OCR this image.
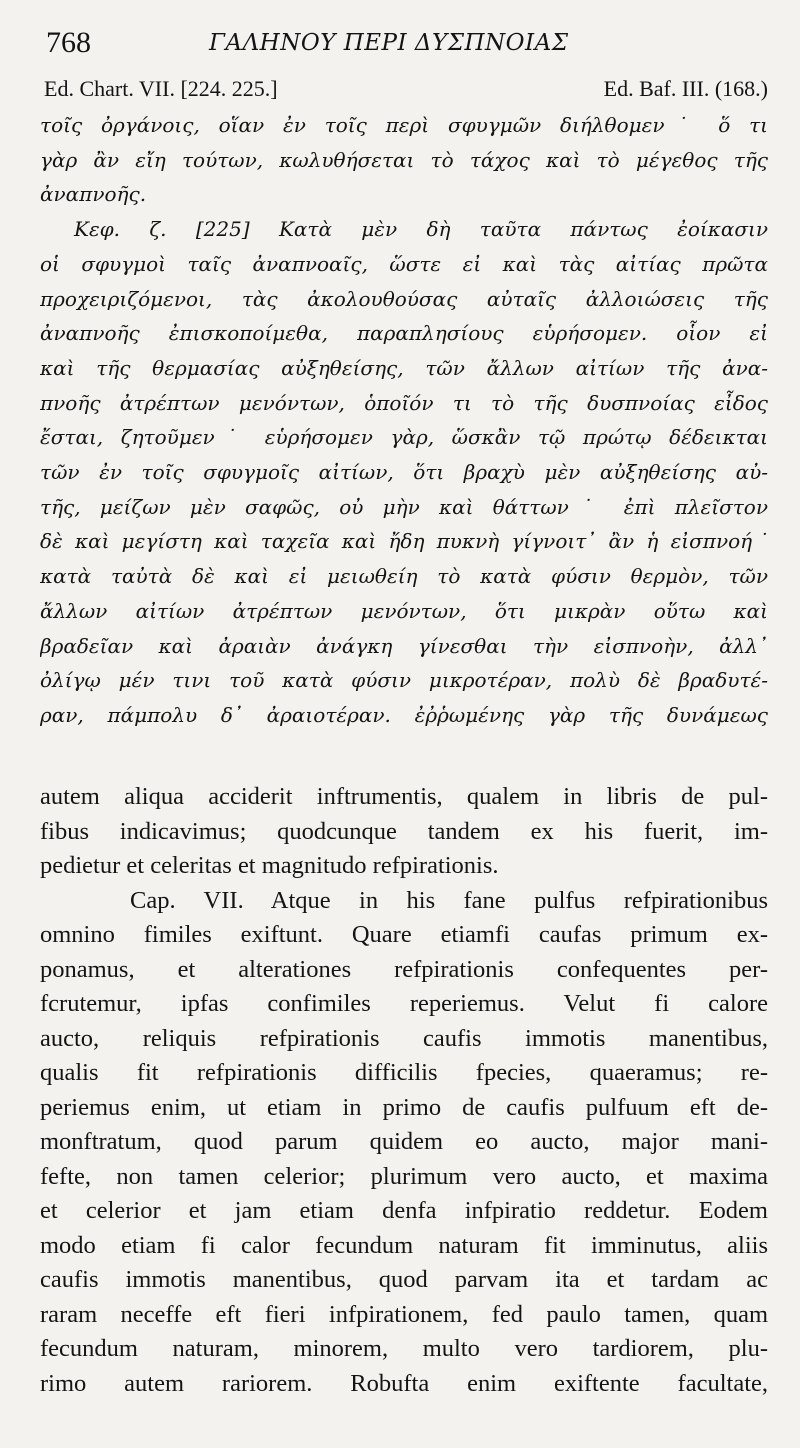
768	ΓΑΛΗΝΟΥ ΠΕΡΙ ΔΥΣΠΝΟΙΑΣ
Ed. Chart. VII. [224. 225.]	Ed. Baf. III. (168.)
τοῖς ὀργάνοις, οἵαν ἐν τοῖς περὶ σφυγμῶν διήλθομεν˙ ὅ τι
γὰρ ἂν εἴη τούτων, κωλυθήσεται τὸ τάχος καὶ τὸ μέγεθος τῆς
ἀναπνοῆς.
Κεφ. ζ. [225] Κατὰ μὲν δὴ ταῦτα πάντως ἐοίκασιν
οἱ σφυγμοὶ ταῖς ἀναπνοαῖς, ὥστε εἰ καὶ τὰς αἰτίας πρῶτα
προχειριζόμενοι, τὰς ἀκολουθούσας αὐταῖς ἀλλοιώσεις τῆς
ἀναπνοῆς ἐπισκοποίμεθα, παραπλησίους εὑρήσομεν. οἷον εἰ
καὶ τῆς θερμασίας αὐξηθείσης, τῶν ἄλλων αἰτίων τῆς ἀνα-
πνοῆς ἀτρέπτων μενόντων, ὁποῖόν τι τὸ τῆς δυσπνοίας εἶδος
ἔσται, ζητοῦμεν˙ εὑρήσομεν γὰρ, ὥσκἂν τῷ πρώτῳ δέδεικται
τῶν ἐν τοῖς σφυγμοῖς αἰτίων, ὅτι βραχὺ μὲν αὐξηθείσης αὐ-
τῆς, μείζων μὲν σαφῶς, οὐ μὴν καὶ θάττων˙ ἐπὶ πλεῖστον
δὲ καὶ μεγίστη καὶ ταχεῖα καὶ ἤδη πυκνὴ γίγνοιτ᾽ ἂν ἡ εἰσπνοή˙
κατὰ ταὐτὰ δὲ καὶ εἰ μειωθείη τὸ κατὰ φύσιν θερμὸν, τῶν
ἄλλων αἰτίων ἀτρέπτων μενόντων, ὅτι μικρὰν οὕτω καὶ
βραδεῖαν καὶ ἀραιὰν ἀνάγκη γίνεσθαι τὴν εἰσπνοὴν, ἀλλ᾽
ὀλίγῳ μέν τινι τοῦ κατὰ φύσιν μικροτέραν, πολὺ δὲ βραδυτέ-
ραν, πάμπολυ δ᾽ ἀραιοτέραν. ἐῤῥωμένης γὰρ τῆς δυνάμεως
autem aliqua acciderit inftrumentis, qualem in libris de pul-
fibus indicavimus; quodcunque tandem ex his fuerit, im-
pedietur et celeritas et magnitudo refpirationis.
Cap. VII. Atque in his fane pulfus refpirationibus
omnino fimiles exiftunt. Quare etiamfi caufas primum ex-
ponamus, et alterationes refpirationis confequentes per-
fcrutemur, ipfas confimiles reperiemus. Velut fi calore
aucto, reliquis refpirationis caufis immotis manentibus,
qualis fit refpirationis difficilis fpecies, quaeramus; re-
periemus enim, ut etiam in primo de caufis pulfuum eft de-
monftratum, quod parum quidem eo aucto, major mani-
fefte, non tamen celerior; plurimum vero aucto, et maxima
et celerior et jam etiam denfa infpiratio reddetur. Eodem
modo etiam fi calor fecundum naturam fit imminutus, aliis
caufis immotis manentibus, quod parvam ita et tardam ac
raram neceffe eft fieri infpirationem, fed paulo tamen, quam
fecundum naturam, minorem, multo vero tardiorem, plu-
rimo autem rariorem. Robufta enim exiftente facultate,
